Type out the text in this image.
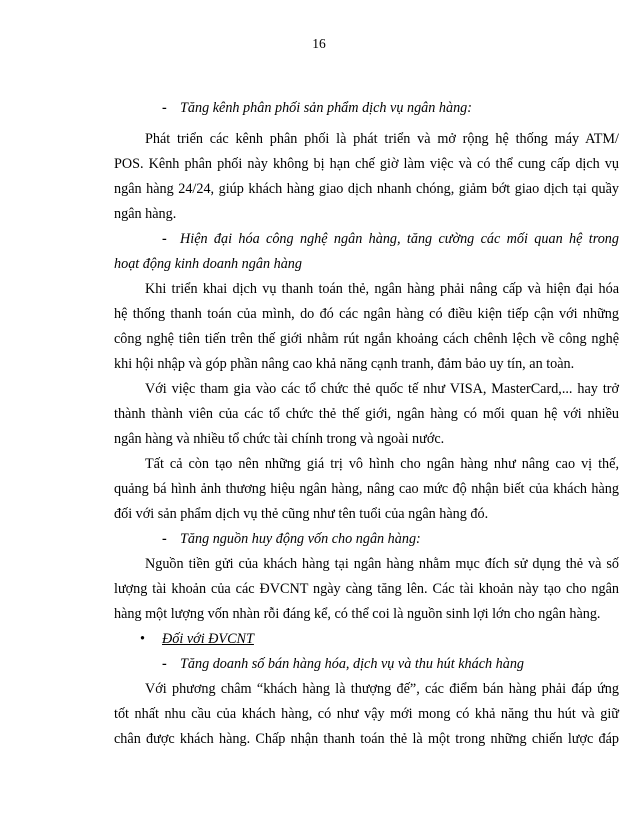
16
- Tăng kênh phân phối sản phẩm dịch vụ ngân hàng:
Phát triển các kênh phân phối là phát triển và mở rộng hệ thống máy ATM/
POS. Kênh phân phối này không bị hạn chế giờ làm việc và có thể cung cấp dịch vụ
ngân hàng 24/24, giúp khách hàng giao dịch nhanh chóng, giảm bớt giao dịch tại quầy
ngân hàng.
- Hiện đại hóa công nghệ ngân hàng, tăng cường các mối quan hệ trong
hoạt động kinh doanh ngân hàng
Khi triển khai dịch vụ thanh toán thẻ, ngân hàng phải nâng cấp và hiện đại hóa
hệ thống thanh toán của mình, do đó các ngân hàng có điều kiện tiếp cận với những
công nghệ tiên tiến trên thế giới nhằm rút ngắn khoảng cách chênh lệch về công nghệ
khi hội nhập và góp phần nâng cao khả năng cạnh tranh, đảm bảo uy tín, an toàn.
Với việc tham gia vào các tổ chức thẻ quốc tế như VISA, MasterCard,... hay trở
thành thành viên của các tổ chức thẻ thế giới, ngân hàng có mối quan hệ với nhiều
ngân hàng và nhiều tổ chức tài chính trong và ngoài nước.
Tất cả còn tạo nên những giá trị vô hình cho ngân hàng như nâng cao vị thế,
quảng bá hình ảnh thương hiệu ngân hàng, nâng cao mức độ nhận biết của khách hàng
đối với sản phẩm dịch vụ thẻ cũng như tên tuổi của ngân hàng đó.
- Tăng nguồn huy động vốn cho ngân hàng:
Nguồn tiền gửi của khách hàng tại ngân hàng nhằm mục đích sử dụng thẻ và số
lượng tài khoản của các ĐVCNT ngày càng tăng lên. Các tài khoản này tạo cho ngân
hàng một lượng vốn nhàn rỗi đáng kể, có thể coi là nguồn sinh lợi lớn cho ngân hàng.
• Đối với ĐVCNT
- Tăng doanh số bán hàng hóa, dịch vụ và thu hút khách hàng
Với phương châm “khách hàng là thượng đế”, các điểm bán hàng phải đáp ứng
tốt nhất nhu cầu của khách hàng, có như vậy mới mong có khả năng thu hút và giữ
chân được khách hàng. Chấp nhận thanh toán thẻ là một trong những chiến lược đáp
